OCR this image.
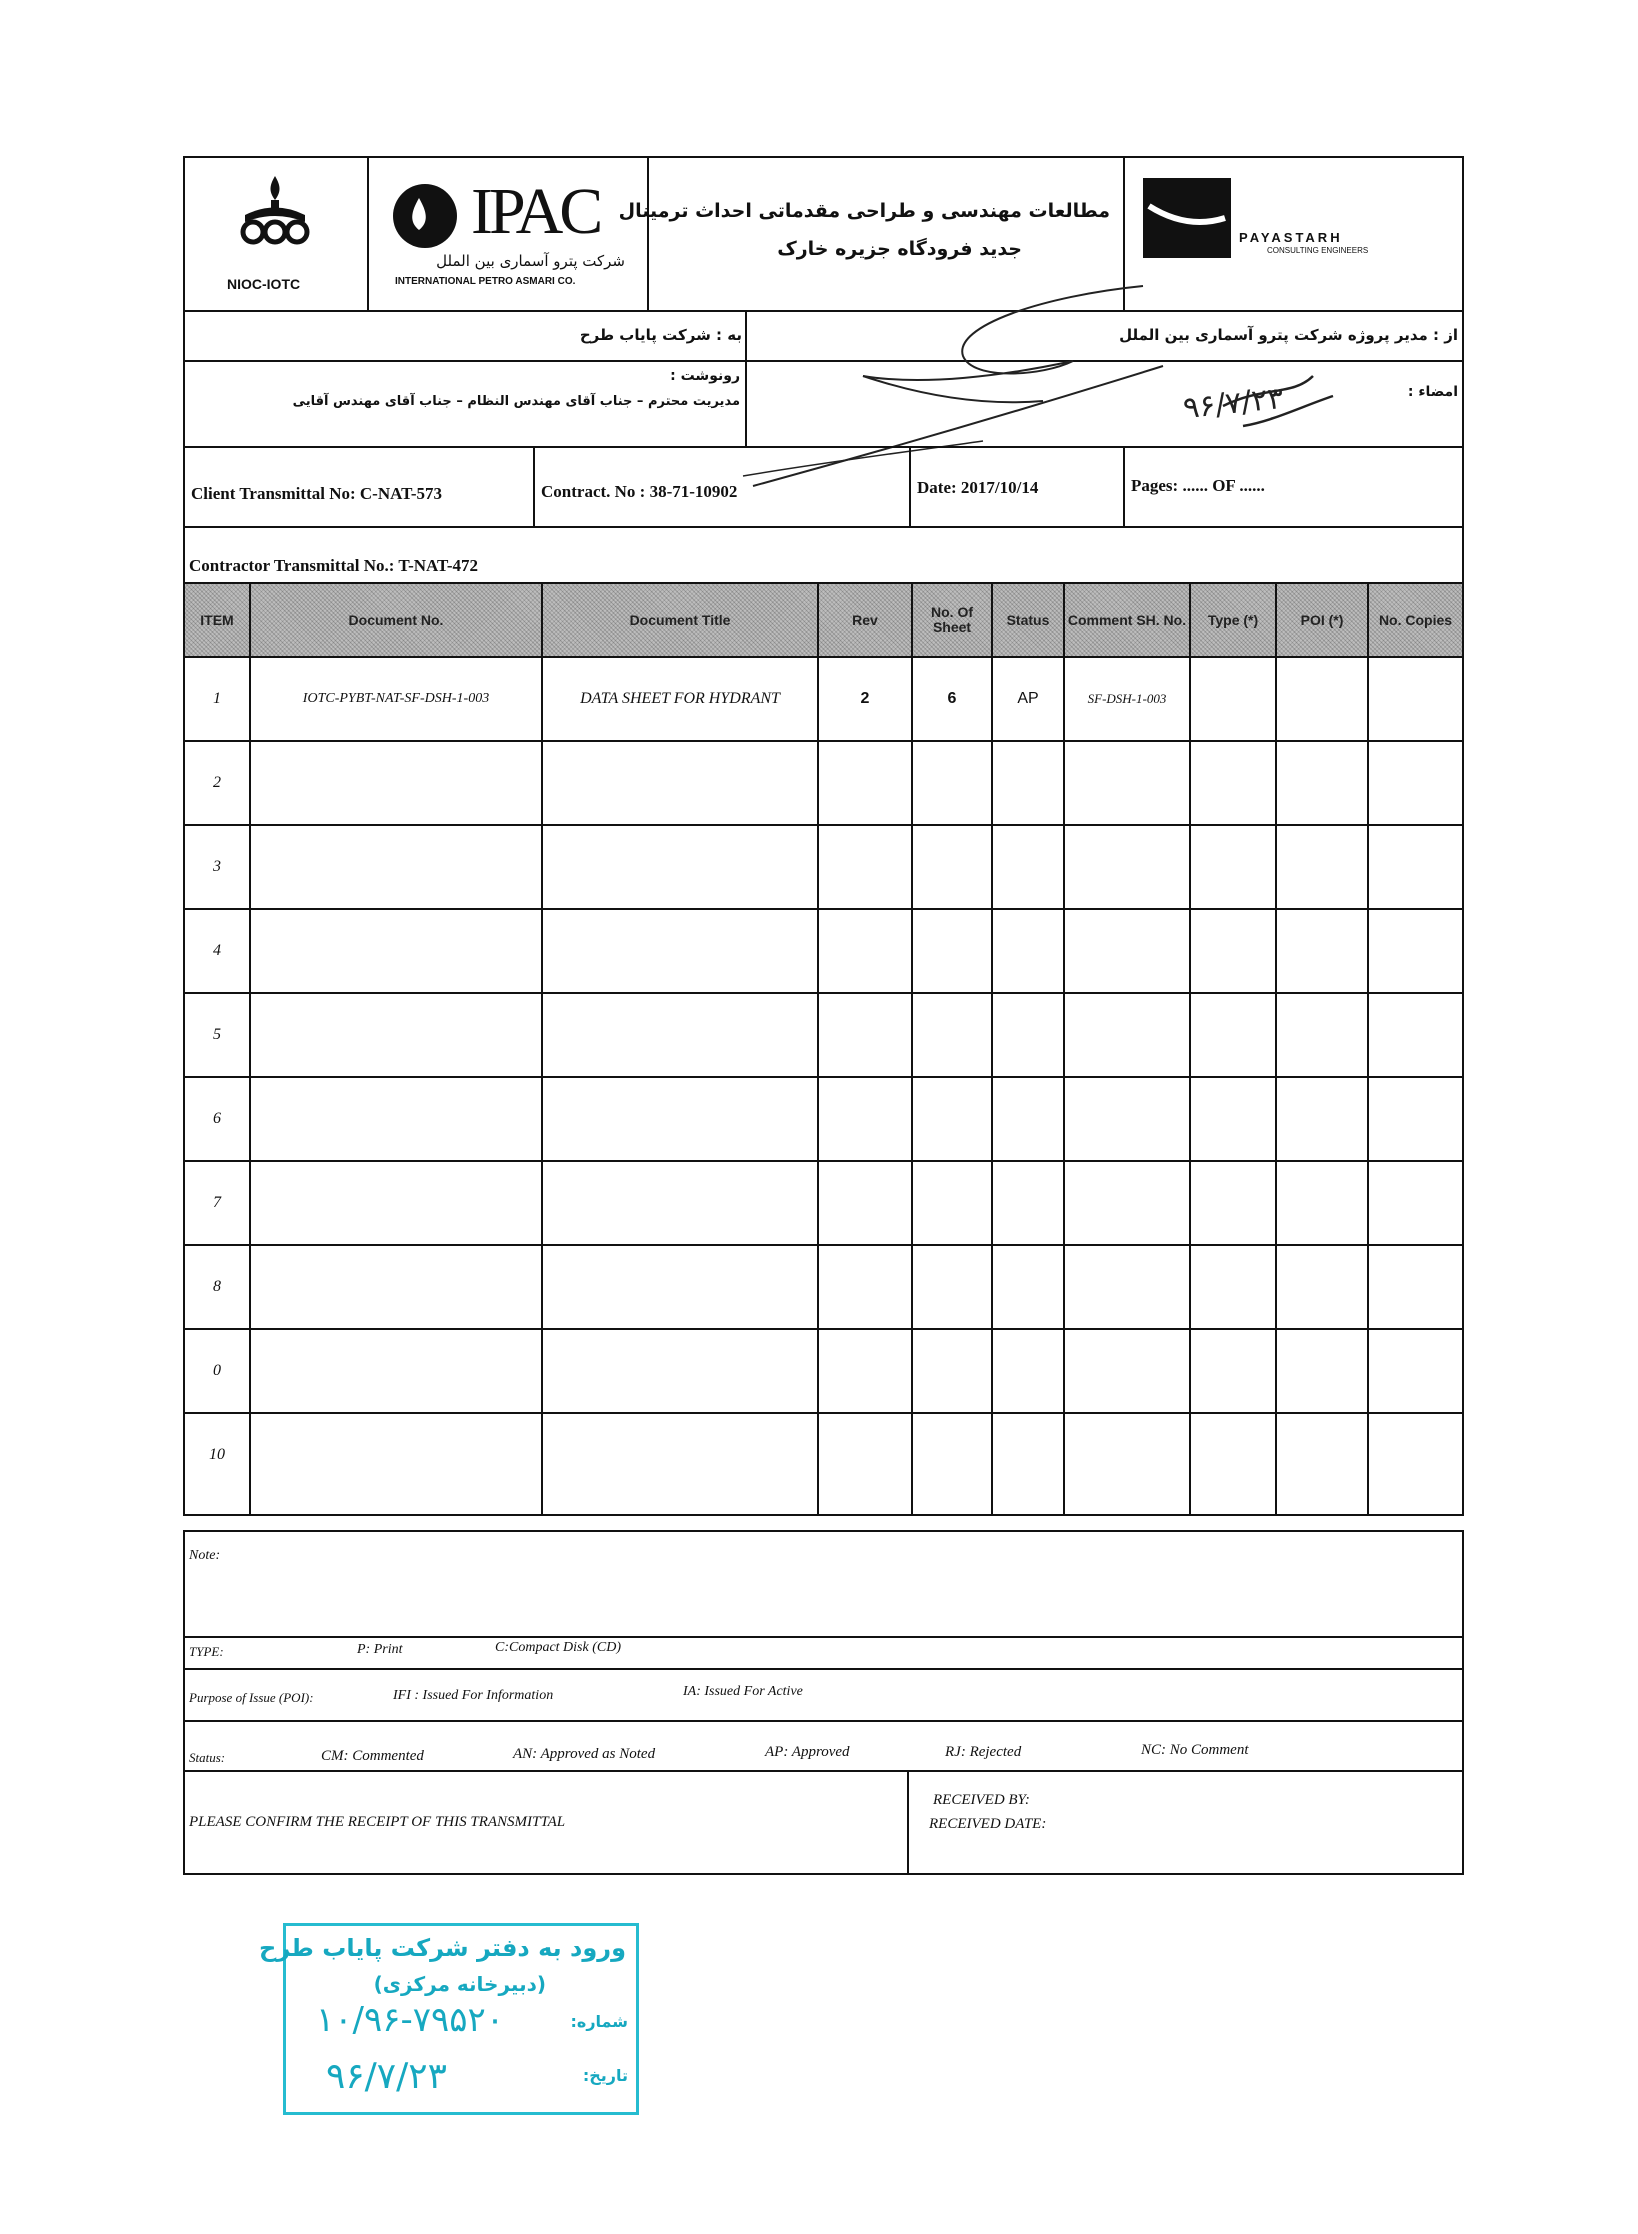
NIOC-IOTC
IPAC
شرکت پترو آسماری بین الملل
INTERNATIONAL PETRO ASMARI CO.
مطالعات مهندسی و طراحی مقدماتی احداث ترمینال
جدید فرودگاه جزیره خارک
PAYASTARH
CONSULTING ENGINEERS
به : شرکت پایاب طرح	از : مدیر پروژه شرکت پترو آسماری بین الملل
رونوشت :
مدیریت محترم – جناب آقای مهندس النظام – جناب آقای مهندس آقایی
امضاء :
۹۶/۷/۲۳
Client Transmittal No: C-NAT-573	Contract. No : 38-71-10902	Date: 2017/10/14	Pages: ...... OF ......
Contractor Transmittal No.: T-NAT-472
ITEM	Document No.	Document Title	Rev	No. Of Sheet	Status	Comment SH. No.	Type (*)	POI (*)	No. Copies
1	IOTC-PYBT-NAT-SF-DSH-1-003	DATA SHEET FOR HYDRANT	2	6	AP	SF-DSH-1-003
2
3
4
5
6
7
8
0
10
Note:
TYPE:	P: Print	C:Compact Disk (CD)
Purpose of Issue (POI):	IFI : Issued For Information	IA: Issued For Active
Status:	CM: Commented	AN: Approved as Noted	AP: Approved	RJ: Rejected	NC: No Comment
PLEASE CONFIRM THE RECEIPT OF THIS TRANSMITTAL
RECEIVED BY:
RECEIVED DATE:
ورود به دفتر شرکت پایاب طرح
(دبیرخانه مرکزی)
شماره:
۱۰/۹۶-۷۹۵۲۰
تاریخ:
۹۶/۷/۲۳
